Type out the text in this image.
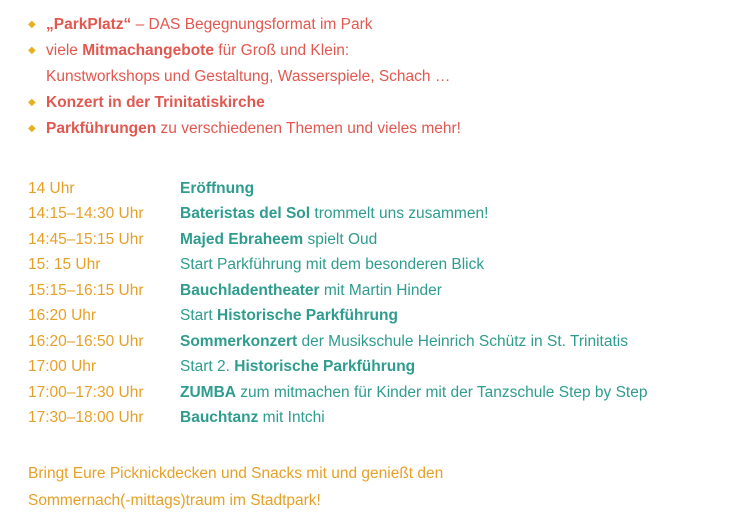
◆ „ParkPlatz“ – DAS Begegnungsformat im Park
◆ viele Mitmachangebote für Groß und Klein:
Kunstworkshops und Gestaltung, Wasserspiele, Schach …
◆ Konzert in der Trinitatiskirche
◆ Parkführungen zu verschiedenen Themen und vieles mehr!
14 Uhr	Eröffnung
14:15–14:30 Uhr	Bateristas del Sol trommelt uns zusammen!
14:45–15:15 Uhr	Majed Ebraheem spielt Oud
15: 15 Uhr	Start Parkführung mit dem besonderen Blick
15:15–16:15 Uhr	Bauchladentheater mit Martin Hinder
16:20 Uhr	Start Historische Parkführung
16:20–16:50 Uhr	Sommerkonzert der Musikschule Heinrich Schütz in St. Trinitatis
17:00 Uhr	Start 2. Historische Parkführung
17:00–17:30 Uhr	ZUMBA zum mitmachen für Kinder mit der Tanzschule Step by Step
17:30–18:00 Uhr	Bauchtanz mit Intchi
Bringt Eure Picknickdecken und Snacks mit und genießt den
Sommernach(-mittags)traum im Stadtpark!
